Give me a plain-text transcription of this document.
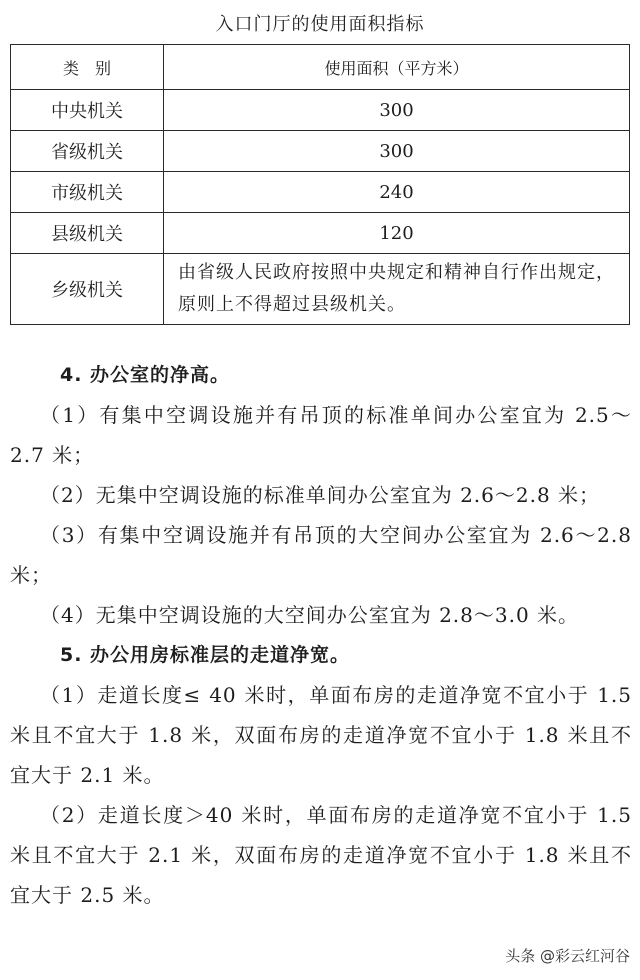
入口门厅的使用面积指标
类　别	使用面积（平方米）
中央机关	300
省级机关	300
市级机关	240
县级机关	120
乡级机关	由省级人民政府按照中央规定和精神自行作出规定，原则上不得超过县级机关。

4. 办公室的净高。

（1）有集中空调设施并有吊顶的标准单间办公室宜为 2.5～2.7 米；

（2）无集中空调设施的标准单间办公室宜为 2.6～2.8 米；

（3）有集中空调设施并有吊顶的大空间办公室宜为 2.6～2.8 米；

（4）无集中空调设施的大空间办公室宜为 2.8～3.0 米。

5. 办公用房标准层的走道净宽。

（1）走道长度≤ 40 米时，单面布房的走道净宽不宜小于 1.5 米且不宜大于 1.8 米，双面布房的走道净宽不宜小于 1.8 米且不宜大于 2.1 米。

（2）走道长度＞40 米时，单面布房的走道净宽不宜小于 1.5 米且不宜大于 2.1 米，双面布房的走道净宽不宜小于 1.8 米且不宜大于 2.5 米。

头条 @彩云红河谷
